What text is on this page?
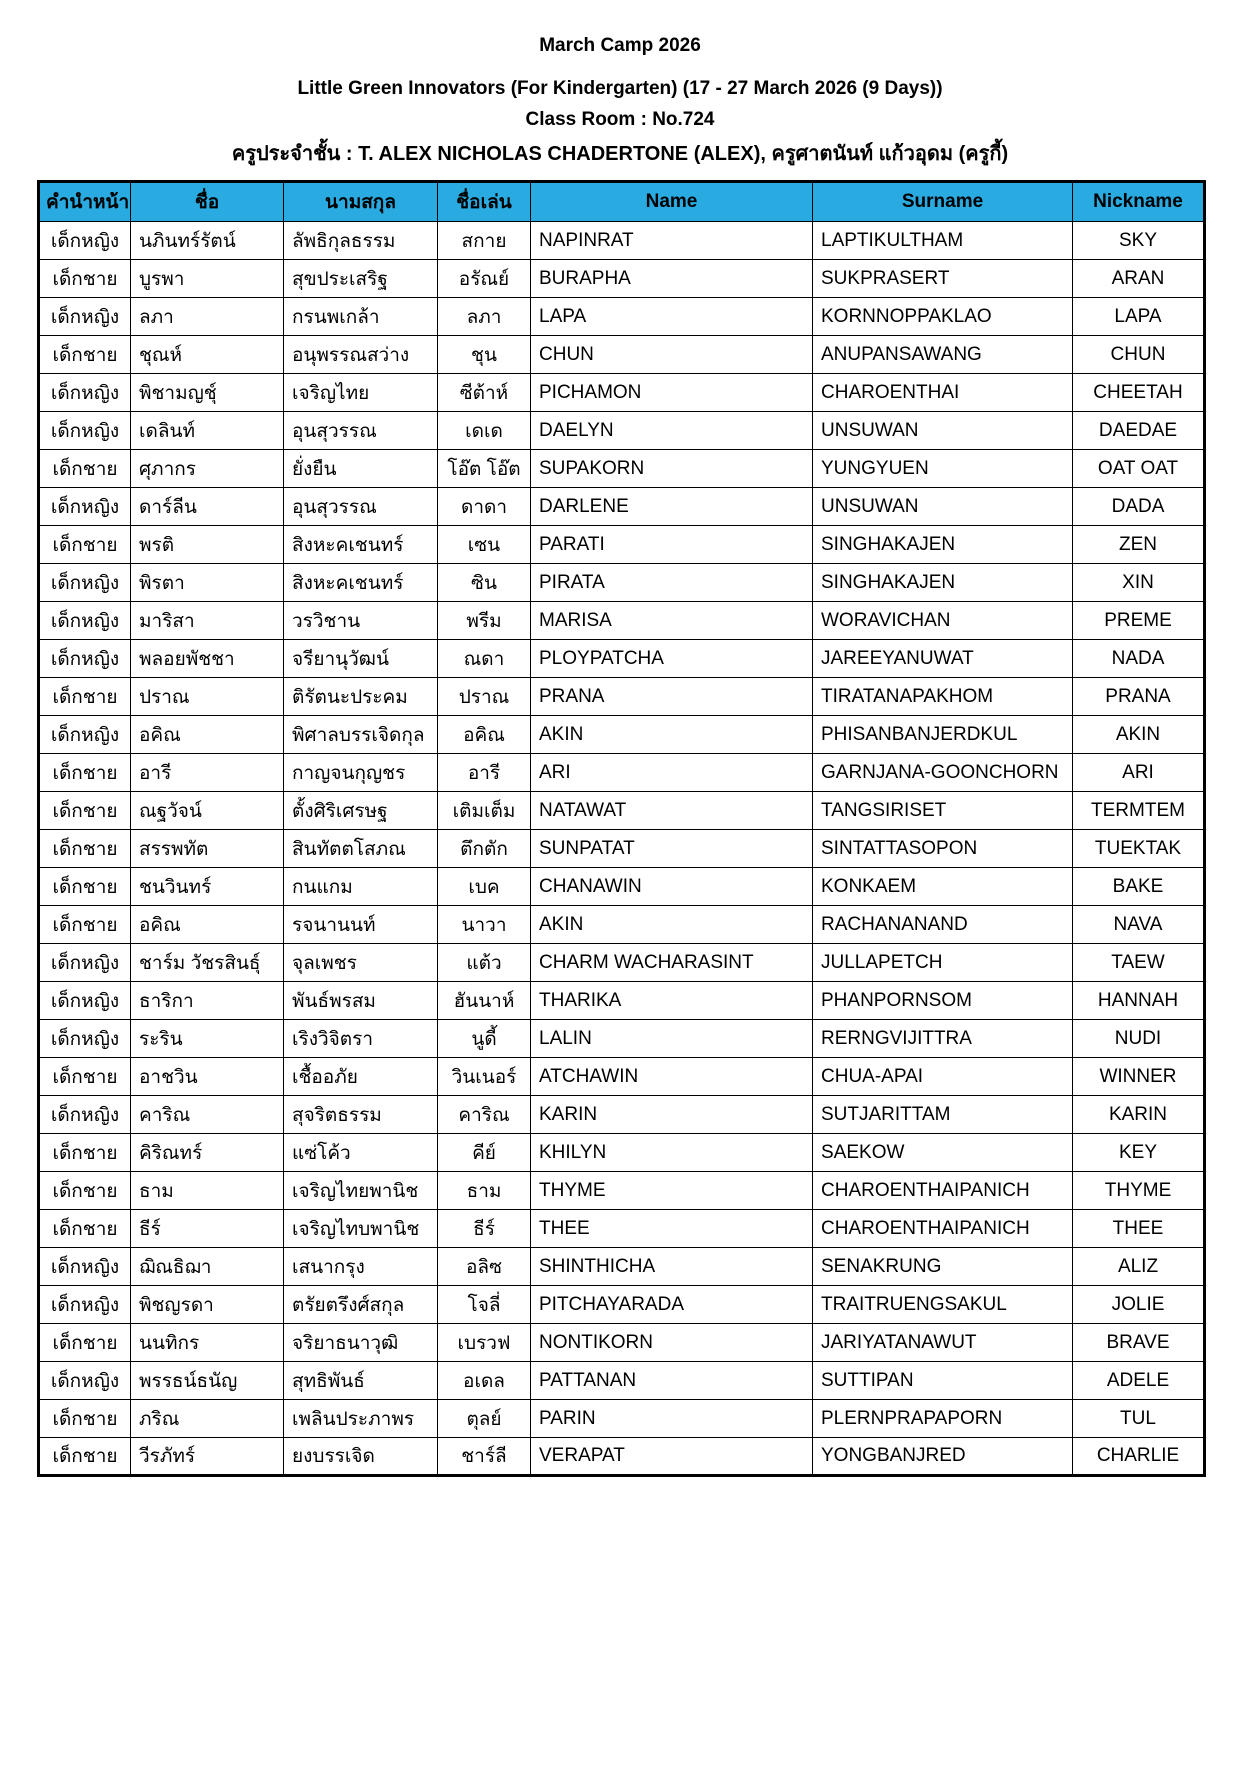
March Camp 2026
Little Green Innovators (For Kindergarten) (17 - 27 March 2026 (9 Days))
Class Room : No.724
ครูประจำชั้น : T. ALEX NICHOLAS CHADERTONE (ALEX), ครูศาตนันท์ แก้วอุดม (ครูกี้)
คำนำหน้า	ชื่อ	นามสกุล	ชื่อเล่น	Name	Surname	Nickname
เด็กหญิง	นภินทร์รัตน์	ลัพธิกุลธรรม	สกาย	NAPINRAT	LAPTIKULTHAM	SKY
เด็กชาย	บูรพา	สุขประเสริฐ	อรัณย์	BURAPHA	SUKPRASERT	ARAN
เด็กหญิง	ลภา	กรนพเกล้า	ลภา	LAPA	KORNNOPPAKLAO	LAPA
เด็กชาย	ชุณห์	อนุพรรณสว่าง	ชุน	CHUN	ANUPANSAWANG	CHUN
เด็กหญิง	พิชามญชุ์	เจริญไทย	ซีต้าห์	PICHAMON	CHAROENTHAI	CHEETAH
เด็กหญิง	เดลินท์	อุนสุวรรณ	เดเด	DAELYN	UNSUWAN	DAEDAE
เด็กชาย	ศุภากร	ยั่งยืน	โอ๊ต โอ๊ต	SUPAKORN	YUNGYUEN	OAT OAT
เด็กหญิง	ดาร์ลีน	อุนสุวรรณ	ดาดา	DARLENE	UNSUWAN	DADA
เด็กชาย	พรติ	สิงหะคเชนทร์	เซน	PARATI	SINGHAKAJEN	ZEN
เด็กหญิง	พิรตา	สิงหะคเชนทร์	ซิน	PIRATA	SINGHAKAJEN	XIN
เด็กหญิง	มาริสา	วรวิชาน	พรีม	MARISA	WORAVICHAN	PREME
เด็กหญิง	พลอยพัชชา	จรียานุวัฒน์	ณดา	PLOYPATCHA	JAREEYANUWAT	NADA
เด็กชาย	ปราณ	ติรัตนะประคม	ปราณ	PRANA	TIRATANAPAKHOM	PRANA
เด็กหญิง	อคิณ	พิศาลบรรเจิดกุล	อคิณ	AKIN	PHISANBANJERDKUL	AKIN
เด็กชาย	อารี	กาญจนกุญชร	อารี	ARI	GARNJANA-GOONCHORN	ARI
เด็กชาย	ณฐวัจน์	ตั้งศิริเศรษฐ	เติมเต็ม	NATAWAT	TANGSIRISET	TERMTEM
เด็กชาย	สรรพทัต	สินทัตตโสภณ	ตึกตัก	SUNPATAT	SINTATTASOPON	TUEKTAK
เด็กชาย	ชนวินทร์	กนแกม	เบค	CHANAWIN	KONKAEM	BAKE
เด็กชาย	อคิณ	รจนานนท์	นาวา	AKIN	RACHANANAND	NAVA
เด็กหญิง	ชาร์ม วัชรสินธุ์	จุลเพชร	แต้ว	CHARM WACHARASINT	JULLAPETCH	TAEW
เด็กหญิง	ธาริกา	พันธ์พรสม	ฮันนาห์	THARIKA	PHANPORNSOM	HANNAH
เด็กหญิง	ระริน	เริงวิจิตรา	นูดี้	LALIN	RERNGVIJITTRA	NUDI
เด็กชาย	อาชวิน	เชื้ออภัย	วินเนอร์	ATCHAWIN	CHUA-APAI	WINNER
เด็กหญิง	คาริณ	สุจริตธรรม	คาริณ	KARIN	SUTJARITTAM	KARIN
เด็กชาย	คิริณทร์	แซ่โค้ว	คีย์	KHILYN	SAEKOW	KEY
เด็กชาย	ธาม	เจริญไทยพานิช	ธาม	THYME	CHAROENTHAIPANICH	THYME
เด็กชาย	ธีร์	เจริญไทบพานิช	ธีร์	THEE	CHAROENTHAIPANICH	THEE
เด็กหญิง	ฌิณธิฌา	เสนากรุง	อลิซ	SHINTHICHA	SENAKRUNG	ALIZ
เด็กหญิง	พิชญรดา	ตรัยตรึงศ์สกุล	โจลี่	PITCHAYARADA	TRAITRUENGSAKUL	JOLIE
เด็กชาย	นนทิกร	จริยาธนาวุฒิ	เบรวฟ	NONTIKORN	JARIYATANAWUT	BRAVE
เด็กหญิง	พรรธน์ธนัญ	สุทธิพันธ์	อเดล	PATTANAN	SUTTIPAN	ADELE
เด็กชาย	ภริณ	เพลินประภาพร	ตุลย์	PARIN	PLERNPRAPAPORN	TUL
เด็กชาย	วีรภัทร์	ยงบรรเจิด	ชาร์ลี	VERAPAT	YONGBANJRED	CHARLIE
